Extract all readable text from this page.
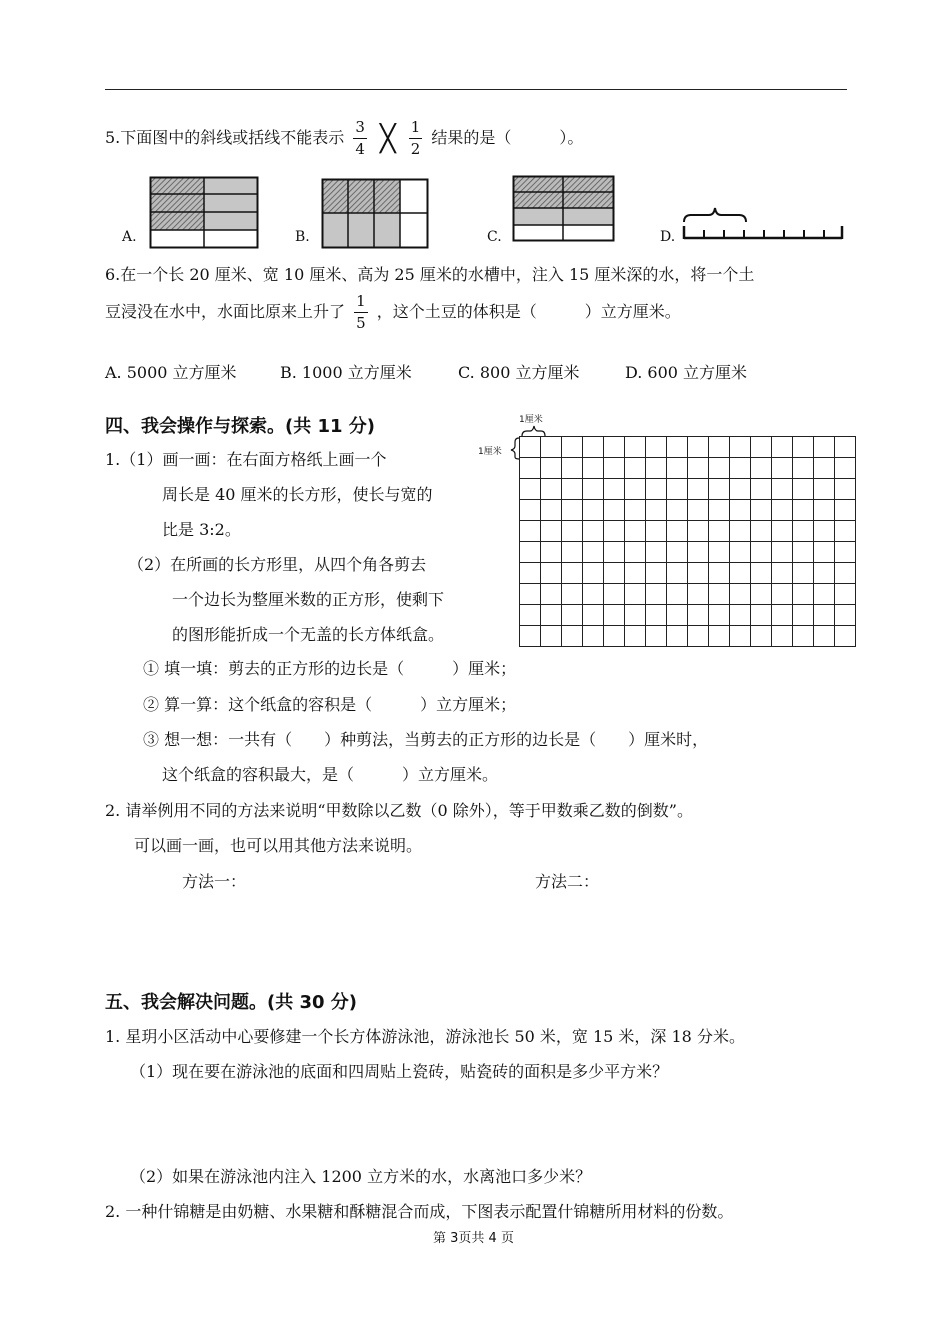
5.下面图中的斜线或括线不能表示 $\frac{3}{4}$ ╳ $\frac{1}{2}$ 结果的是（　　　）。
A.	B.	C.	D.
6.在一个长 20 厘米、宽 10 厘米、高为 25 厘米的水槽中，注入 15 厘米深的水，将一个土
豆浸没在水中，水面比原来上升了 $\frac{1}{5}$ ，这个土豆的体积是（　　　）立方厘米。
A. 5000 立方厘米	B. 1000 立方厘米	C. 800 立方厘米	D. 600 立方厘米
四、我会操作与探索。(共 11 分)	1厘米
1厘米
1.（1）画一画：在右面方格纸上画一个
周长是 40 厘米的长方形，使长与宽的
比是 3:2。
（2）在所画的长方形里，从四个角各剪去
一个边长为整厘米数的正方形，使剩下
的图形能折成一个无盖的长方体纸盒。
① 填一填：剪去的正方形的边长是（　　　）厘米；
② 算一算：这个纸盒的容积是（　　　）立方厘米；
③ 想一想：一共有（　　）种剪法，当剪去的正方形的边长是（　　）厘米时，
这个纸盒的容积最大，是（　　　）立方厘米。
2. 请举例用不同的方法来说明“甲数除以乙数（0 除外），等于甲数乘乙数的倒数”。
可以画一画，也可以用其他方法来说明。
方法一：	方法二：
五、我会解决问题。(共 30 分)
1. 星玥小区活动中心要修建一个长方体游泳池，游泳池长 50 米，宽 15 米，深 18 分米。
（1）现在要在游泳池的底面和四周贴上瓷砖，贴瓷砖的面积是多少平方米？
（2）如果在游泳池内注入 1200 立方米的水，水离池口多少米？
2. 一种什锦糖是由奶糖、水果糖和酥糖混合而成，下图表示配置什锦糖所用材料的份数。
第 3页共 4 页
